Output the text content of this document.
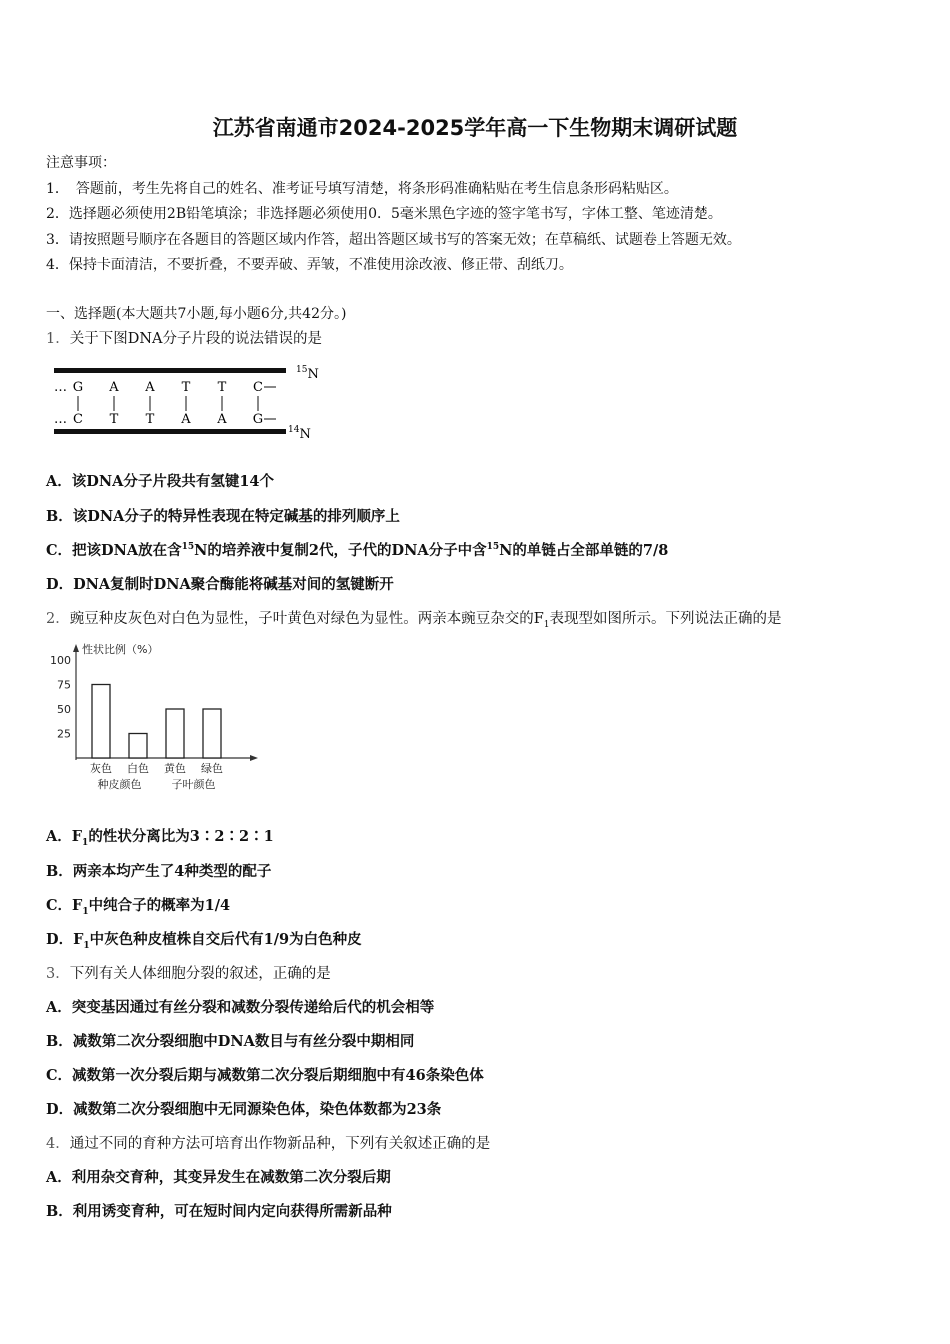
江苏省南通市2024-2025学年高一下生物期末调研试题
注意事项：
1．　答题前，考生先将自己的姓名、准考证号填写清楚，将条形码准确粘贴在考生信息条形码粘贴区。
2．选择题必须使用2B铅笔填涂；非选择题必须使用0．5毫米黑色字迹的签字笔书写，字体工整、笔迹清楚。
3．请按照题号顺序在各题目的答题区域内作答，超出答题区域书写的答案无效；在草稿纸、试题卷上答题无效。
4．保持卡面清洁，不要折叠，不要弄破、弄皱，不准使用涂改液、修正带、刮纸刀。
一、选择题(本大题共7小题,每小题6分,共42分。)
1．关于下图DNA分子片段的说法错误的是
…
…
G A A T T C
C T T A A G
$^{15}$N
$^{14}$N
A．该DNA分子片段共有氢键14个
B．该DNA分子的特异性表现在特定碱基的排列顺序上
C．把该DNA放在含$^{15}$N的培养液中复制2代，子代的DNA分子中含$^{15}$N的单链占全部单链的7/8
D．DNA复制时DNA聚合酶能将碱基对间的氢键断开
2．豌豆种皮灰色对白色为显性，子叶黄色对绿色为显性。两亲本豌豆杂交的$F_1$表现型如图所示。下列说法正确的是
性状比例（%）
100
75
50
25
灰色 白色 黄色 绿色
种皮颜色	子叶颜色
A．$F_1$的性状分离比为3∶2∶2∶1
B．两亲本均产生了4种类型的配子
C．$F_1$中纯合子的概率为1/4
D．$F_1$中灰色种皮植株自交后代有1/9为白色种皮
3．下列有关人体细胞分裂的叙述，正确的是
A．突变基因通过有丝分裂和减数分裂传递给后代的机会相等
B．减数第二次分裂细胞中DNA数目与有丝分裂中期相同
C．减数第一次分裂后期与减数第二次分裂后期细胞中有46条染色体
D．减数第二次分裂细胞中无同源染色体，染色体数都为23条
4．通过不同的育种方法可培育出作物新品种，下列有关叙述正确的是
A．利用杂交育种，其变异发生在减数第二次分裂后期
B．利用诱变育种，可在短时间内定向获得所需新品种
